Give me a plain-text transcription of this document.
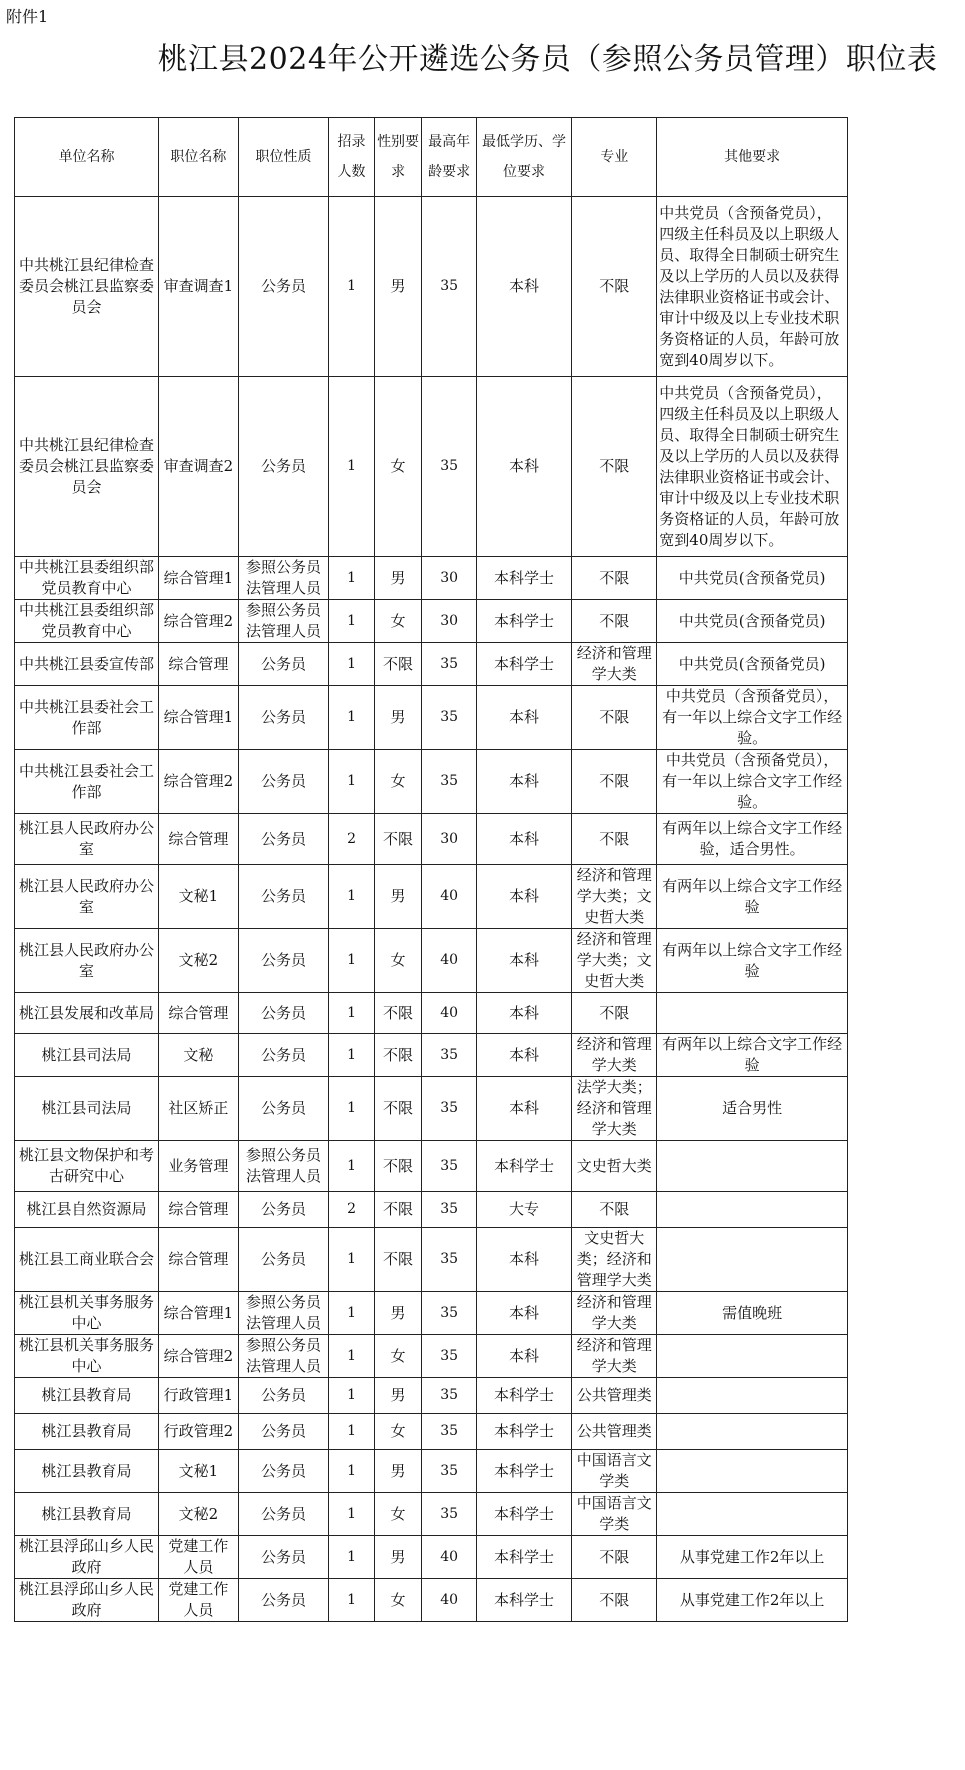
附件1
桃江县2024年公开遴选公务员（参照公务员管理）职位表
单位名称	职位名称	职位性质	招录人数	性别要求	最高年龄要求	最低学历、学位要求	专业	其他要求
中共桃江县纪律检查委员会桃江县监察委员会	审查调查1	公务员	1	男	35	本科	不限	中共党员（含预备党员），四级主任科员及以上职级人员、取得全日制硕士研究生及以上学历的人员以及获得法律职业资格证书或会计、审计中级及以上专业技术职务资格证的人员，年龄可放宽到40周岁以下。
中共桃江县纪律检查委员会桃江县监察委员会	审查调查2	公务员	1	女	35	本科	不限	中共党员（含预备党员），四级主任科员及以上职级人员、取得全日制硕士研究生及以上学历的人员以及获得法律职业资格证书或会计、审计中级及以上专业技术职务资格证的人员，年龄可放宽到40周岁以下。
中共桃江县委组织部党员教育中心	综合管理1	参照公务员法管理人员	1	男	30	本科学士	不限	中共党员(含预备党员)
中共桃江县委组织部党员教育中心	综合管理2	参照公务员法管理人员	1	女	30	本科学士	不限	中共党员(含预备党员)
中共桃江县委宣传部	综合管理	公务员	1	不限	35	本科学士	经济和管理学大类	中共党员(含预备党员)
中共桃江县委社会工作部	综合管理1	公务员	1	男	35	本科	不限	中共党员（含预备党员），有一年以上综合文字工作经验。
中共桃江县委社会工作部	综合管理2	公务员	1	女	35	本科	不限	中共党员（含预备党员），有一年以上综合文字工作经验。
桃江县人民政府办公室	综合管理	公务员	2	不限	30	本科	不限	有两年以上综合文字工作经验，适合男性。
桃江县人民政府办公室	文秘1	公务员	1	男	40	本科	经济和管理学大类；文史哲大类	有两年以上综合文字工作经验
桃江县人民政府办公室	文秘2	公务员	1	女	40	本科	经济和管理学大类；文史哲大类	有两年以上综合文字工作经验
桃江县发展和改革局	综合管理	公务员	1	不限	40	本科	不限	
桃江县司法局	文秘	公务员	1	不限	35	本科	经济和管理学大类	有两年以上综合文字工作经验
桃江县司法局	社区矫正	公务员	1	不限	35	本科	法学大类；经济和管理学大类	适合男性
桃江县文物保护和考古研究中心	业务管理	参照公务员法管理人员	1	不限	35	本科学士	文史哲大类	
桃江县自然资源局	综合管理	公务员	2	不限	35	大专	不限	
桃江县工商业联合会	综合管理	公务员	1	不限	35	本科	文史哲大类；经济和管理学大类	
桃江县机关事务服务中心	综合管理1	参照公务员法管理人员	1	男	35	本科	经济和管理学大类	需值晚班
桃江县机关事务服务中心	综合管理2	参照公务员法管理人员	1	女	35	本科	经济和管理学大类	
桃江县教育局	行政管理1	公务员	1	男	35	本科学士	公共管理类	
桃江县教育局	行政管理2	公务员	1	女	35	本科学士	公共管理类	
桃江县教育局	文秘1	公务员	1	男	35	本科学士	中国语言文学类	
桃江县教育局	文秘2	公务员	1	女	35	本科学士	中国语言文学类	
桃江县浮邱山乡人民政府	党建工作人员	公务员	1	男	40	本科学士	不限	从事党建工作2年以上
桃江县浮邱山乡人民政府	党建工作人员	公务员	1	女	40	本科学士	不限	从事党建工作2年以上
